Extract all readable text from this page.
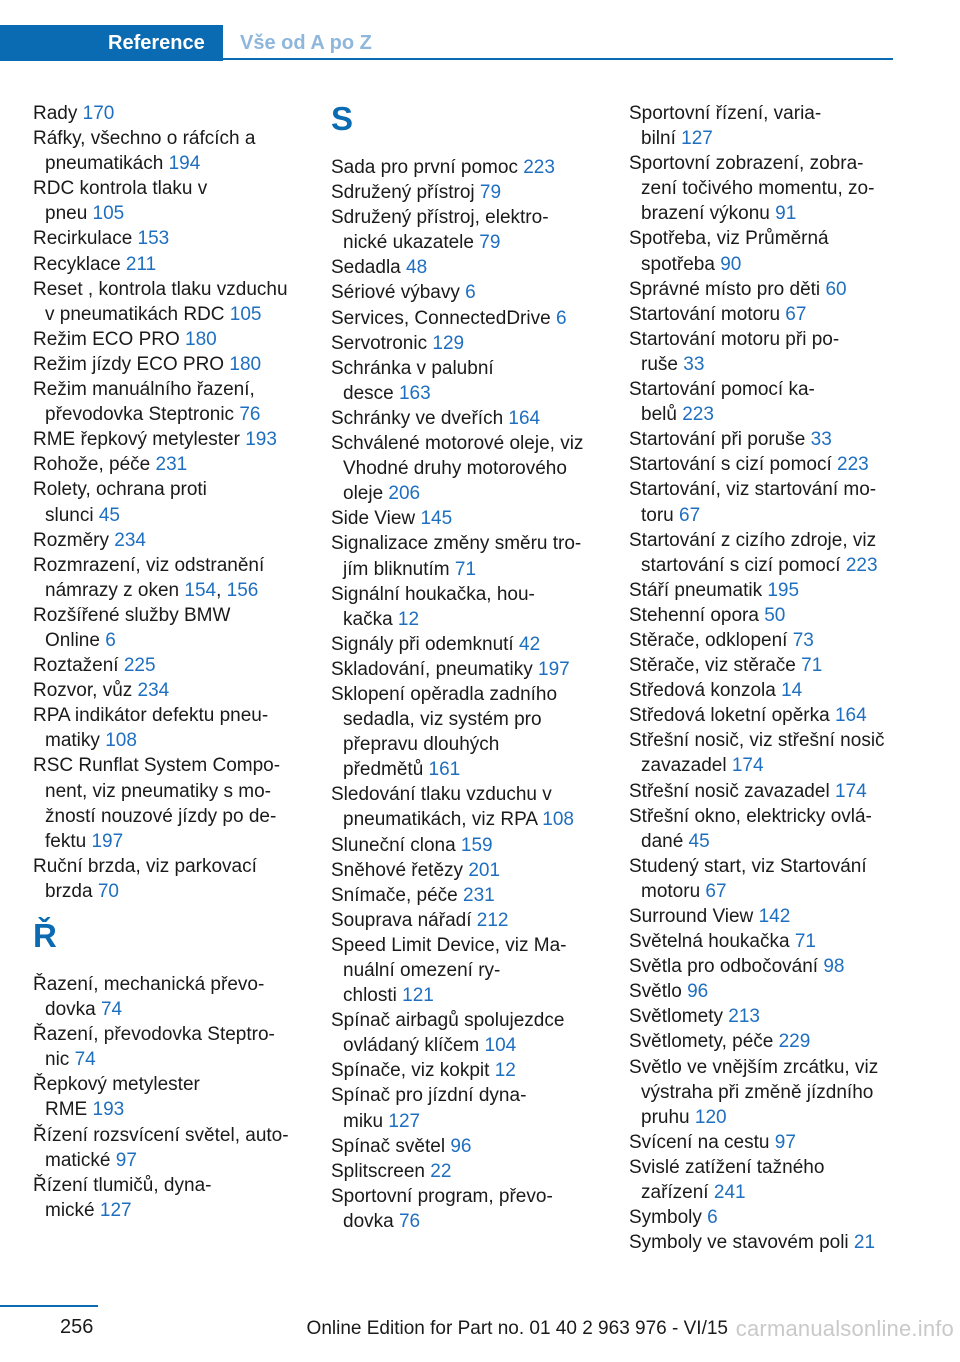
Reference	Vše od A po Z
Rady 170
Ráfky, všechno o ráfcích a
pneumatikách 194
RDC kontrola tlaku v
pneu 105
Recirkulace 153
Recyklace 211
Reset , kontrola tlaku vzduchu
v pneumatikách RDC 105
Režim ECO PRO 180
Režim jízdy ECO PRO 180
Režim manuálního řazení,
převodovka Steptronic 76
RME řepkový metylester 193
Rohože, péče 231
Rolety, ochrana proti
slunci 45
Rozměry 234
Rozmrazení, viz odstranění
námrazy z oken 154, 156
Rozšířené služby BMW
Online 6
Roztažení 225
Rozvor, vůz 234
RPA indikátor defektu pneu-
matiky 108
RSC Runflat System Compo-
nent, viz pneumatiky s mo-
žností nouzové jízdy po de-
fektu 197
Ruční brzda, viz parkovací
brzda 70
Ř
Řazení, mechanická převo-
dovka 74
Řazení, převodovka Steptro-
nic 74
Řepkový metylester
RME 193
Řízení rozsvícení světel, auto-
matické 97
Řízení tlumičů, dyna-
mické 127
S
Sada pro první pomoc 223
Sdružený přístroj 79
Sdružený přístroj, elektro-
nické ukazatele 79
Sedadla 48
Sériové výbavy 6
Services, ConnectedDrive 6
Servotronic 129
Schránka v palubní
desce 163
Schránky ve dveřích 164
Schválené motorové oleje, viz
Vhodné druhy motorového
oleje 206
Side View 145
Signalizace změny směru tro-
jím bliknutím 71
Signální houkačka, hou-
kačka 12
Signály při odemknutí 42
Skladování, pneumatiky 197
Sklopení opěradla zadního
sedadla, viz systém pro
přepravu dlouhých
předmětů 161
Sledování tlaku vzduchu v
pneumatikách, viz RPA 108
Sluneční clona 159
Sněhové řetězy 201
Snímače, péče 231
Souprava nářadí 212
Speed Limit Device, viz Ma-
nuální omezení ry-
chlosti 121
Spínač airbagů spolujezdce
ovládaný klíčem 104
Spínače, viz kokpit 12
Spínač pro jízdní dyna-
miku 127
Spínač světel 96
Splitscreen 22
Sportovní program, převo-
dovka 76
Sportovní řízení, varia-
bilní 127
Sportovní zobrazení, zobra-
zení točivého momentu, zo-
brazení výkonu 91
Spotřeba, viz Průměrná
spotřeba 90
Správné místo pro děti 60
Startování motoru 67
Startování motoru při po-
ruše 33
Startování pomocí ka-
belů 223
Startování při poruše 33
Startování s cizí pomocí 223
Startování, viz startování mo-
toru 67
Startování z cizího zdroje, viz
startování s cizí pomocí 223
Stáří pneumatik 195
Stehenní opora 50
Stěrače, odklopení 73
Stěrače, viz stěrače 71
Středová konzola 14
Středová loketní opěrka 164
Střešní nosič, viz střešní nosič
zavazadel 174
Střešní nosič zavazadel 174
Střešní okno, elektricky ovlá-
dané 45
Studený start, viz Startování
motoru 67
Surround View 142
Světelná houkačka 71
Světla pro odbočování 98
Světlo 96
Světlomety 213
Světlomety, péče 229
Světlo ve vnějším zrcátku, viz
výstraha při změně jízdního
pruhu 120
Svícení na cestu 97
Svislé zatížení tažného
zařízení 241
Symboly 6
Symboly ve stavovém poli 21
256	Online Edition for Part no. 01 40 2 963 976 - VI/15 carmanualsonline.info
